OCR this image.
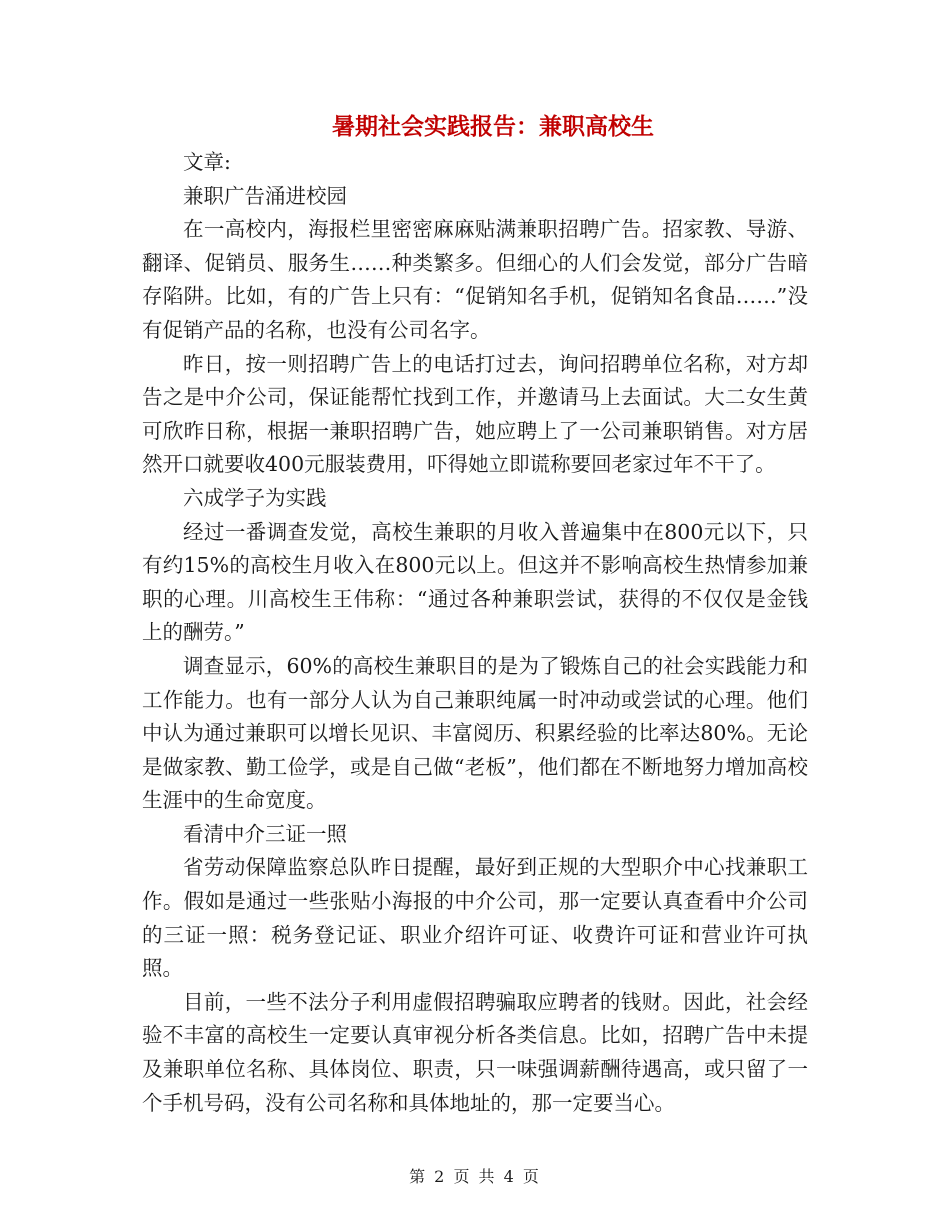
暑期社会实践报告：兼职高校生

文章:

兼职广告涌进校园

在一高校内，海报栏里密密麻麻贴满兼职招聘广告。招家教、导游、翻译、促销员、服务生……种类繁多。但细心的人们会发觉，部分广告暗存陷阱。比如，有的广告上只有：“促销知名手机，促销知名食品……”没有促销产品的名称，也没有公司名字。

昨日，按一则招聘广告上的电话打过去，询问招聘单位名称，对方却告之是中介公司，保证能帮忙找到工作，并邀请马上去面试。大二女生黄可欣昨日称，根据一兼职招聘广告，她应聘上了一公司兼职销售。对方居然开口就要收400元服装费用，吓得她立即谎称要回老家过年不干了。

六成学子为实践

经过一番调查发觉，高校生兼职的月收入普遍集中在800元以下，只有约15%的高校生月收入在800元以上。但这并不影响高校生热情参加兼职的心理。川高校生王伟称：“通过各种兼职尝试，获得的不仅仅是金钱上的酬劳。”

调查显示，60%的高校生兼职目的是为了锻炼自己的社会实践能力和工作能力。也有一部分人认为自己兼职纯属一时冲动或尝试的心理。他们中认为通过兼职可以增长见识、丰富阅历、积累经验的比率达80%。无论是做家教、勤工俭学，或是自己做“老板”，他们都在不断地努力增加高校生涯中的生命宽度。

看清中介三证一照

省劳动保障监察总队昨日提醒，最好到正规的大型职介中心找兼职工作。假如是通过一些张贴小海报的中介公司，那一定要认真查看中介公司的三证一照：税务登记证、职业介绍许可证、收费许可证和营业许可执照。

目前，一些不法分子利用虚假招聘骗取应聘者的钱财。因此，社会经验不丰富的高校生一定要认真审视分析各类信息。比如，招聘广告中未提及兼职单位名称、具体岗位、职责，只一味强调薪酬待遇高，或只留了一个手机号码，没有公司名称和具体地址的，那一定要当心。

第 2 页 共 4 页
